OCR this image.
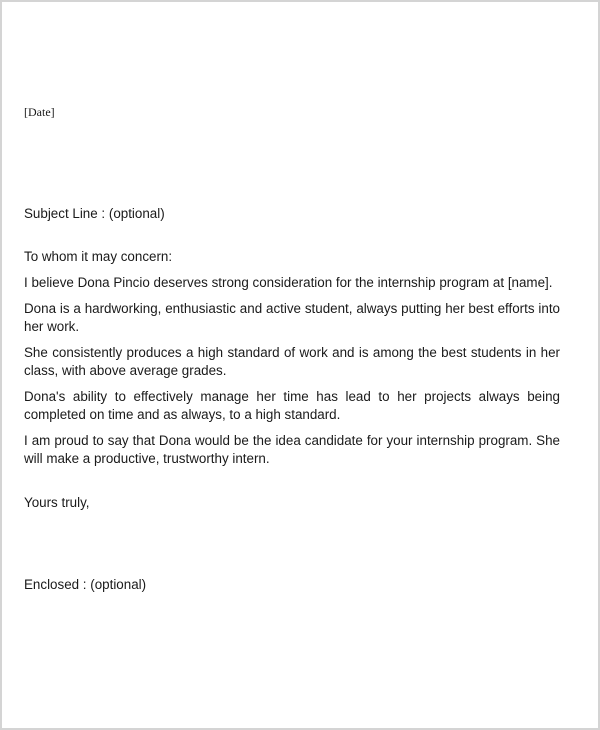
[Date]

Subject Line : (optional)

To whom it may concern:

I believe Dona Pincio deserves strong consideration for the internship program at [name].

Dona is a hardworking, enthusiastic and active student, always putting her best efforts into her work.

She consistently produces a high standard of work and is among the best students in her class, with above average grades.

Dona's ability to effectively manage her time has lead to her projects always being completed on time and as always, to a high standard.

I am proud to say that Dona would be the idea candidate for your internship program. She will make a productive, trustworthy intern.

Yours truly,

Enclosed : (optional)
